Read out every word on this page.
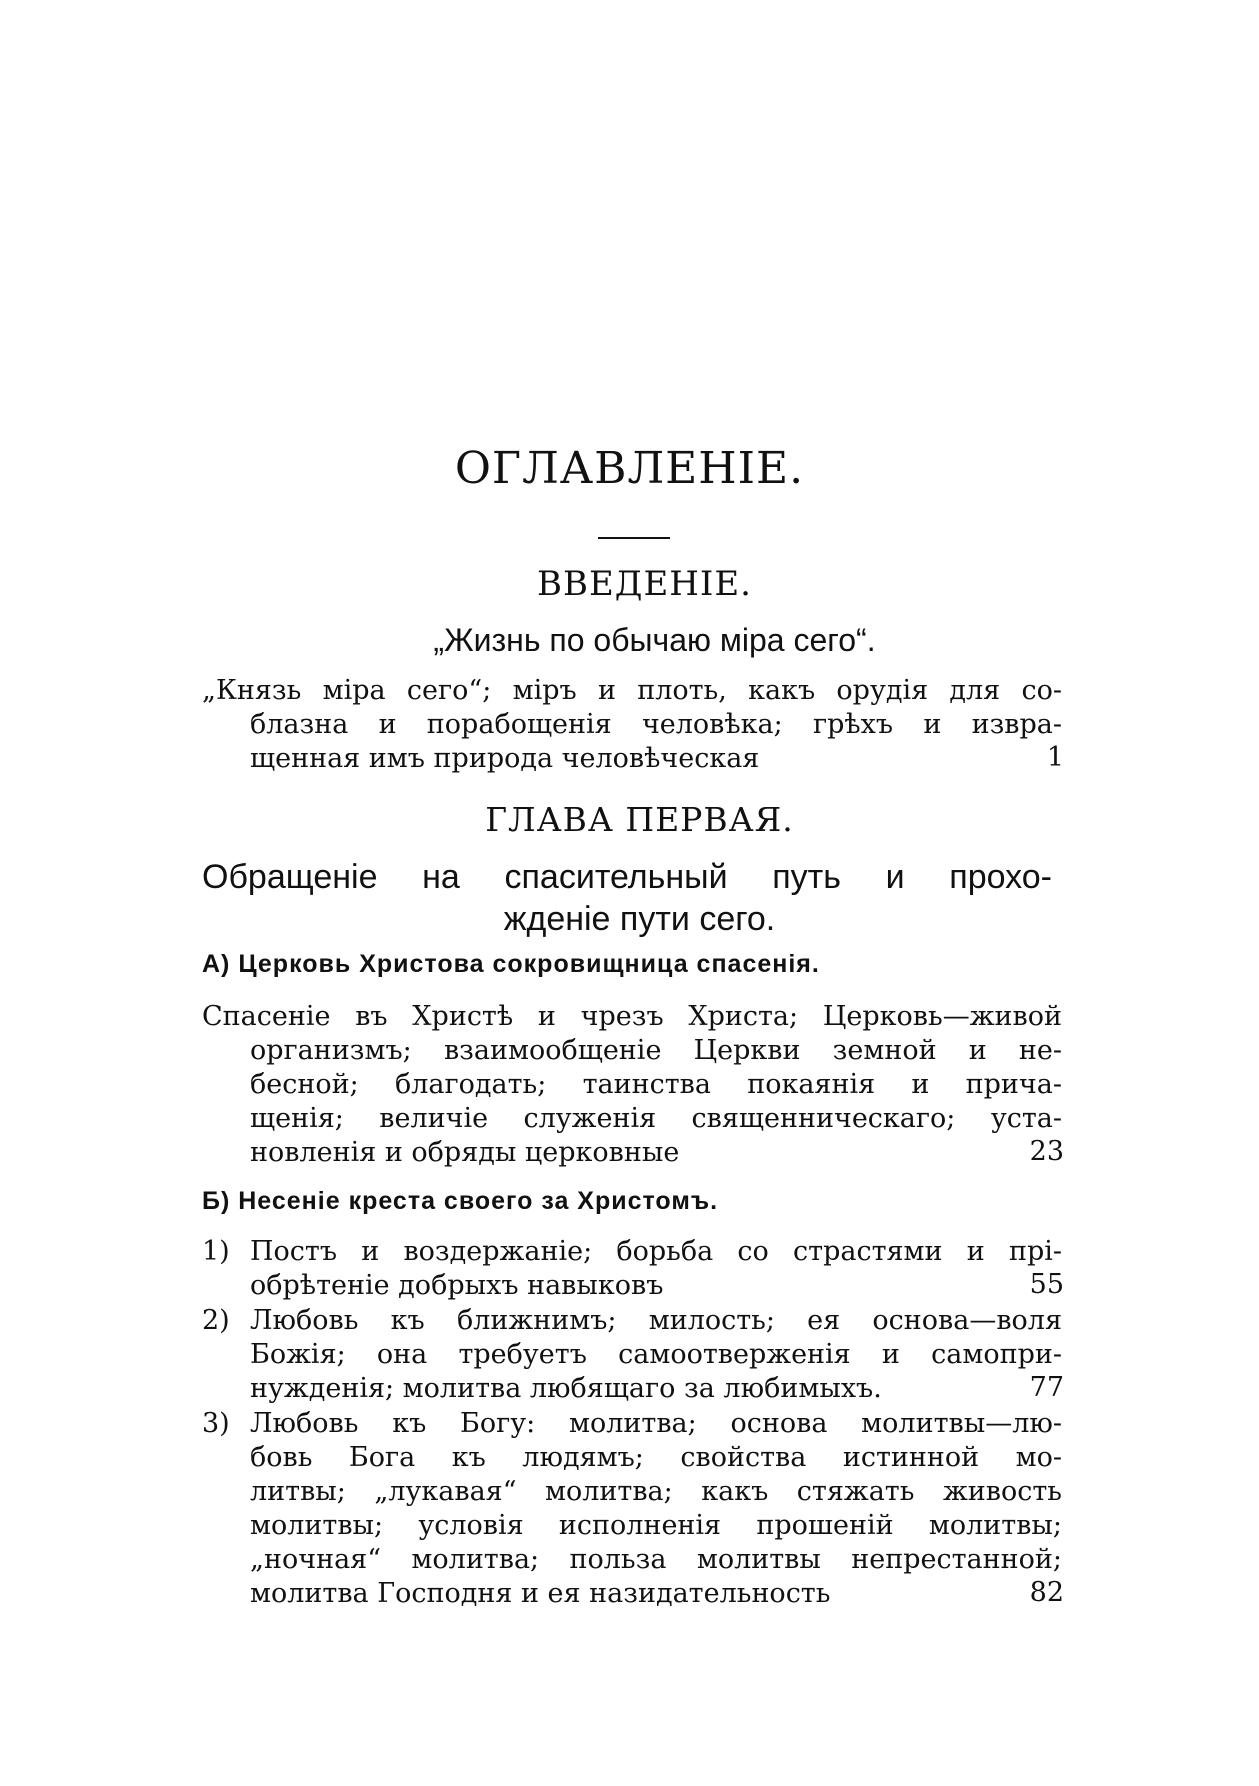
ОГЛАВЛЕНІЕ.
ВВЕДЕНІЕ.
„Жизнь по обычаю міра сего“.
„Князь міра сего“; міръ и плоть, какъ орудія для со-
блазна и порабощенія человѣка; грѣхъ и извра-
щенная имъ природа человѣческая	1
ГЛАВА ПЕРВАЯ.
Обращеніе на спасительный путь и прохо-
жденіе пути сего.
А) Церковь Христова сокровищница спасенія.
Спасеніе въ Христѣ и чрезъ Христа; Церковь—живой
организмъ; взаимообщеніе Церкви земной и не-
бесной; благодать; таинства покаянія и прича-
щенія; величіе служенія священническаго; уста-
новленія и обряды церковные	23
Б) Несеніе креста своего за Христомъ.
1) Постъ и воздержаніе; борьба со страстями и прі-
обрѣтеніе добрыхъ навыковъ	55
2) Любовь къ ближнимъ; милость; ея основа—воля
Божія; она требуетъ самоотверженія и самопри-
нужденія; молитва любящаго за любимыхъ.	77
3) Любовь къ Богу: молитва; основа молитвы—лю-
бовь Бога къ людямъ; свойства истинной мо-
литвы; „лукавая“ молитва; какъ стяжать живость
молитвы; условія исполненія прошеній молитвы;
„ночная“ молитва; польза молитвы непрестанной;
молитва Господня и ея назидательность	82
